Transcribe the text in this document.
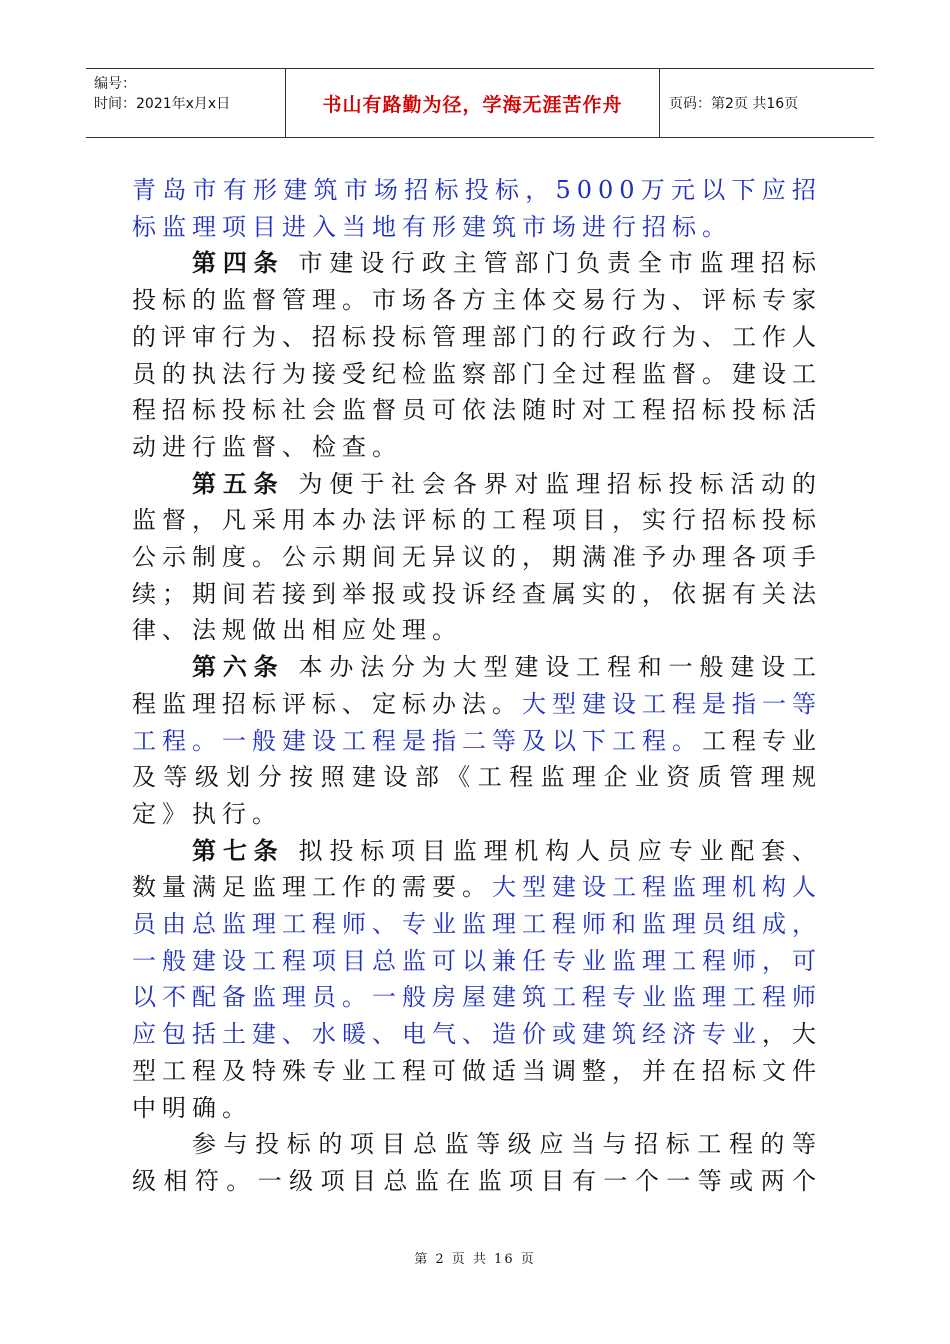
编号：
时间：2021年x月x日	书山有路勤为径，学海无涯苦作舟	页码：第2页 共16页

青岛市有形建筑市场招标投标，5000万元以下应招标监理项目进入当地有形建筑市场进行招标。

第四条 市建设行政主管部门负责全市监理招标投标的监督管理。市场各方主体交易行为、评标专家的评审行为、招标投标管理部门的行政行为、工作人员的执法行为接受纪检监察部门全过程监督。建设工程招标投标社会监督员可依法随时对工程招标投标活动进行监督、检查。

第五条 为便于社会各界对监理招标投标活动的监督，凡采用本办法评标的工程项目，实行招标投标公示制度。公示期间无异议的，期满准予办理各项手续；期间若接到举报或投诉经查属实的，依据有关法律、法规做出相应处理。

第六条 本办法分为大型建设工程和一般建设工程监理招标评标、定标办法。大型建设工程是指一等工程。一般建设工程是指二等及以下工程。工程专业及等级划分按照建设部《工程监理企业资质管理规定》执行。

第七条 拟投标项目监理机构人员应专业配套、数量满足监理工作的需要。大型建设工程监理机构人员由总监理工程师、专业监理工程师和监理员组成，一般建设工程项目总监可以兼任专业监理工程师，可以不配备监理员。一般房屋建筑工程专业监理工程师应包括土建、水暖、电气、造价或建筑经济专业，大型工程及特殊专业工程可做适当调整，并在招标文件中明确。

参与投标的项目总监等级应当与招标工程的等

级相符。一级项目总监在监项目有一个一等或两个

第 2 页 共 16 页
